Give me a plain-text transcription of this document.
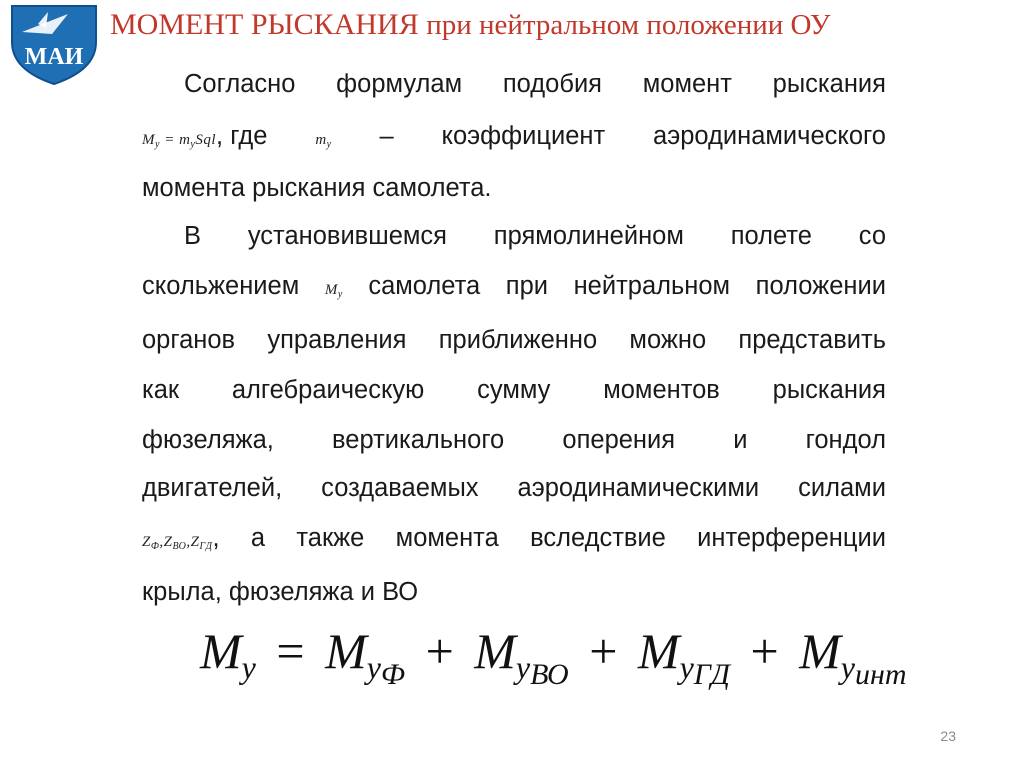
МАИ
МОМЕНТ РЫСКАНИЯ при нейтральном положении ОУ
Согласно формулам подобия момент рыскания
$M_y = m_ySql$, где	$m_y$ – коэффициент аэродинамического
момента рыскания самолета.
В установившемся прямолинейном полете со
скольжением $M_y$ самолета при нейтральном положении
органов управления приближенно можно представить
как алгебраическую сумму моментов рыскания
фюзеляжа, вертикального оперения и гондол
двигателей, создаваемых аэродинамическими силами
$Z_Ф,Z_{ВО},Z_{ГД}$, а также момента вследствие интерференции
крыла, фюзеляжа и ВО
$M_y = M_{yФ} + M_{yВО} + M_{yГД} + M_{yинт}$
23
